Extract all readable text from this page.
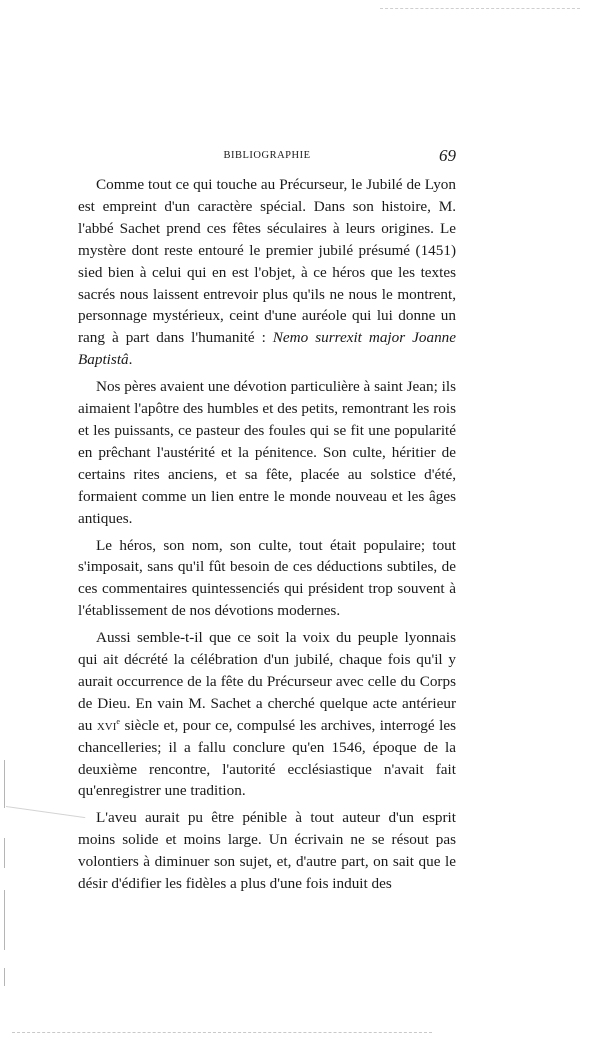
BIBLIOGRAPHIE	69

Comme tout ce qui touche au Précurseur, le Jubilé de Lyon est empreint d'un caractère spécial. Dans son histoire, M. l'abbé Sachet prend ces fêtes séculaires à leurs origines. Le mystère dont reste entouré le premier jubilé présumé (1451) sied bien à celui qui en est l'objet, à ce héros que les textes sacrés nous laissent entrevoir plus qu'ils ne nous le montrent, personnage mystérieux, ceint d'une auréole qui lui donne un rang à part dans l'humanité : Nemo surrexit major Joanne Baptistâ.

Nos pères avaient une dévotion particulière à saint Jean; ils aimaient l'apôtre des humbles et des petits, remontrant les rois et les puissants, ce pasteur des foules qui se fit une popularité en prêchant l'austérité et la pénitence. Son culte, héritier de certains rites anciens, et sa fête, placée au solstice d'été, formaient comme un lien entre le monde nouveau et les âges antiques.

Le héros, son nom, son culte, tout était populaire; tout s'imposait, sans qu'il fût besoin de ces déductions subtiles, de ces commentaires quintessenciés qui président trop souvent à l'établissement de nos dévotions modernes.

Aussi semble-t-il que ce soit la voix du peuple lyonnais qui ait décrété la célébration d'un jubilé, chaque fois qu'il y aurait occurrence de la fête du Précurseur avec celle du Corps de Dieu. En vain M. Sachet a cherché quelque acte antérieur au xvi$^e$ siècle et, pour ce, compulsé les archives, interrogé les chancelleries; il a fallu conclure qu'en 1546, époque de la deuxième rencontre, l'autorité ecclésiastique n'avait fait qu'enregistrer une tradition.

L'aveu aurait pu être pénible à tout auteur d'un esprit moins solide et moins large. Un écrivain ne se résout pas volontiers à diminuer son sujet, et, d'autre part, on sait que le désir d'édifier les fidèles a plus d'une fois induit des
